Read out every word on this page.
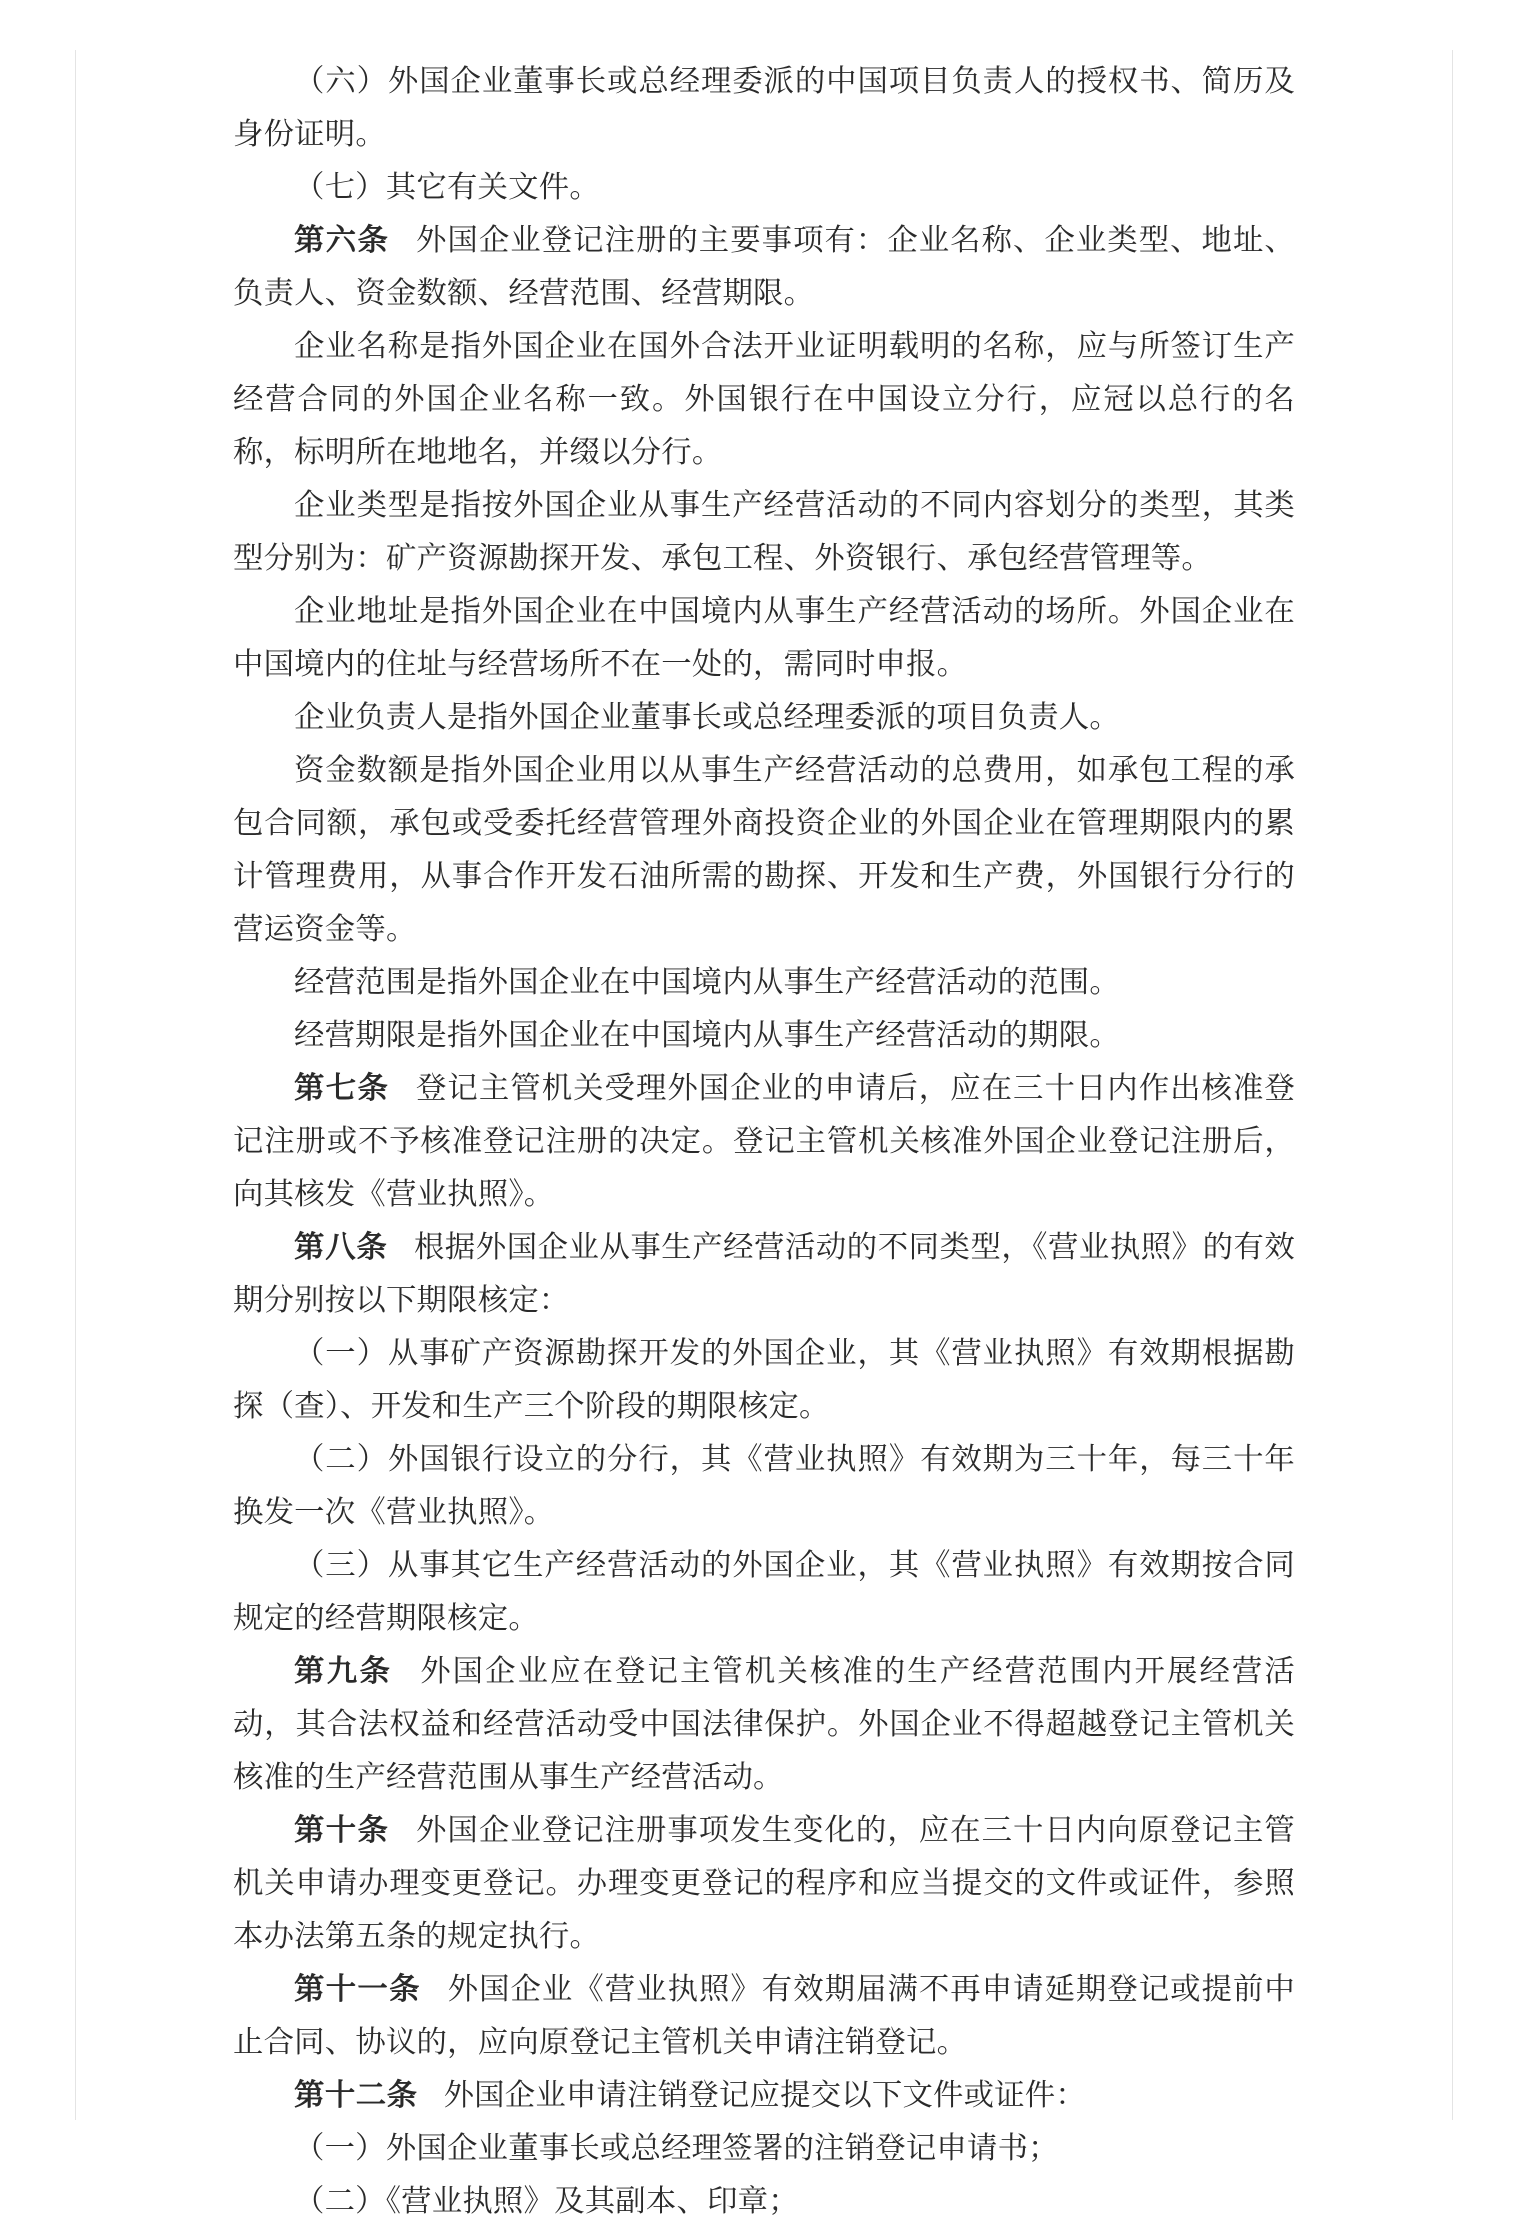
（六）外国企业董事长或总经理委派的中国项目负责人的授权书、简历及身份证明。

（七）其它有关文件。

第六条 外国企业登记注册的主要事项有：企业名称、企业类型、地址、负责人、资金数额、经营范围、经营期限。

企业名称是指外国企业在国外合法开业证明载明的名称，应与所签订生产经营合同的外国企业名称一致。外国银行在中国设立分行，应冠以总行的名称，标明所在地地名，并缀以分行。

企业类型是指按外国企业从事生产经营活动的不同内容划分的类型，其类型分别为：矿产资源勘探开发、承包工程、外资银行、承包经营管理等。

企业地址是指外国企业在中国境内从事生产经营活动的场所。外国企业在中国境内的住址与经营场所不在一处的，需同时申报。

企业负责人是指外国企业董事长或总经理委派的项目负责人。

资金数额是指外国企业用以从事生产经营活动的总费用，如承包工程的承包合同额，承包或受委托经营管理外商投资企业的外国企业在管理期限内的累计管理费用，从事合作开发石油所需的勘探、开发和生产费，外国银行分行的营运资金等。

经营范围是指外国企业在中国境内从事生产经营活动的范围。

经营期限是指外国企业在中国境内从事生产经营活动的期限。

第七条 登记主管机关受理外国企业的申请后，应在三十日内作出核准登记注册或不予核准登记注册的决定。登记主管机关核准外国企业登记注册后，向其核发《营业执照》。

第八条 根据外国企业从事生产经营活动的不同类型，《营业执照》的有效期分别按以下期限核定：

（一）从事矿产资源勘探开发的外国企业，其《营业执照》有效期根据勘探（查）、开发和生产三个阶段的期限核定。

（二）外国银行设立的分行，其《营业执照》有效期为三十年，每三十年换发一次《营业执照》。

（三）从事其它生产经营活动的外国企业，其《营业执照》有效期按合同规定的经营期限核定。

第九条 外国企业应在登记主管机关核准的生产经营范围内开展经营活动，其合法权益和经营活动受中国法律保护。外国企业不得超越登记主管机关核准的生产经营范围从事生产经营活动。

第十条 外国企业登记注册事项发生变化的，应在三十日内向原登记主管机关申请办理变更登记。办理变更登记的程序和应当提交的文件或证件，参照本办法第五条的规定执行。

第十一条 外国企业《营业执照》有效期届满不再申请延期登记或提前中止合同、协议的，应向原登记主管机关申请注销登记。

第十二条 外国企业申请注销登记应提交以下文件或证件：

（一）外国企业董事长或总经理签署的注销登记申请书；

（二）《营业执照》及其副本、印章；
